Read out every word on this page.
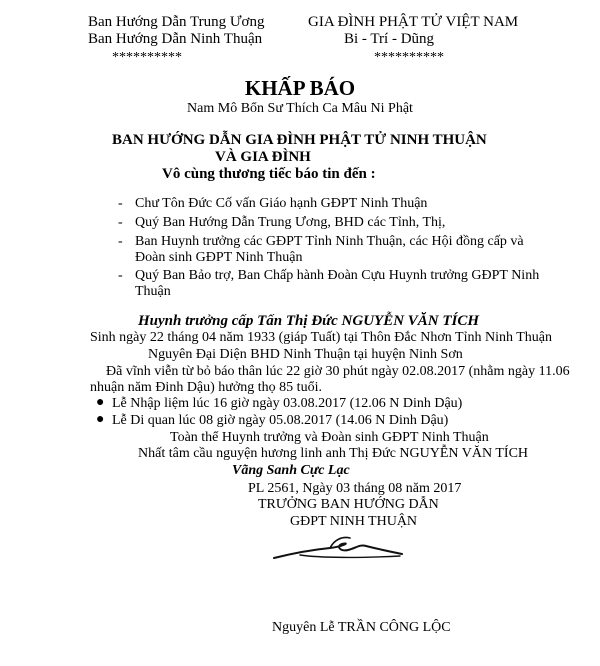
Ban Hướng Dẫn Trung Ương
Ban Hướng Dẫn Ninh Thuận
**********
GIA ĐÌNH PHẬT TỬ VIỆT NAM
Bi - Trí - Dũng
**********
KHẤP BÁO
Nam Mô Bổn Sư Thích Ca Mâu Ni Phật
BAN HƯỚNG DẪN GIA ĐÌNH PHẬT TỬ NINH THUẬN
VÀ GIA ĐÌNH
Vô cùng thương tiếc báo tin đến :
- Chư Tôn Đức Cố vấn Giáo hạnh GĐPT Ninh Thuận
- Quý Ban Hướng Dẫn Trung Ương, BHD các Tỉnh, Thị,
- Ban Huynh trưởng các GĐPT Tỉnh Ninh Thuận, các Hội đồng cấp và
Đoàn sinh GĐPT Ninh Thuận
- Quý Ban Bảo trợ, Ban Chấp hành Đoàn Cựu Huynh trưởng GĐPT Ninh
Thuận
Huynh trưởng cấp Tấn Thị Đức NGUYỄN VĂN TÍCH
Sinh ngày 22 tháng 04 năm 1933 (giáp Tuất) tại Thôn Đắc Nhơn Tỉnh Ninh Thuận
Nguyên Đại Diện BHD Ninh Thuận tại huyện Ninh Sơn
Đã vĩnh viễn từ bỏ báo thân lúc 22 giờ 30 phút ngày 02.08.2017 (nhằm ngày 11.06
nhuận năm Đinh Dậu) hưởng thọ 85 tuổi.
● Lễ Nhập liệm lúc 16 giờ ngày 03.08.2017 (12.06 N Dinh Dậu)
● Lễ Di quan lúc 08 giờ ngày 05.08.2017 (14.06 N Dinh Dậu)
Toàn thể Huynh trưởng và Đoàn sinh GĐPT Ninh Thuận
Nhất tâm cầu nguyện hương linh anh Thị Đức NGUYỄN VĂN TÍCH
Vãng Sanh Cực Lạc
PL 2561, Ngày 03 tháng 08 năm 2017
TRƯỞNG BAN HƯỚNG DẪN
GĐPT NINH THUẬN
Nguyên Lễ TRẦN CÔNG LỘC
